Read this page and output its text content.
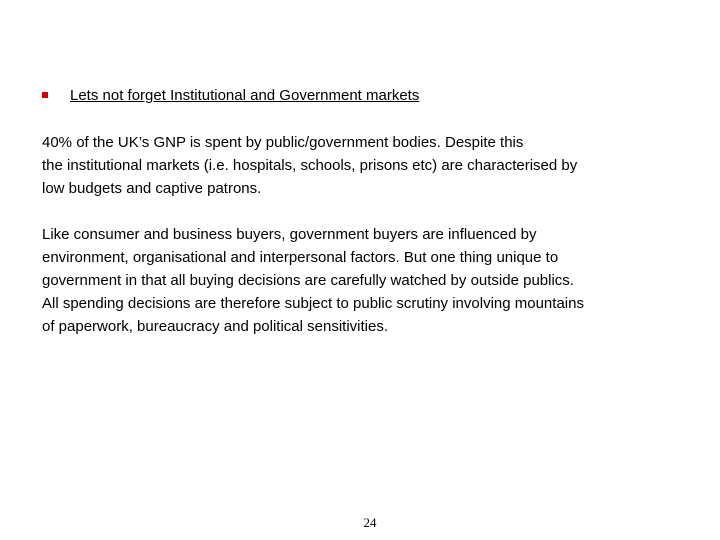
Lets not forget Institutional and Government markets

40% of the UK’s GNP is spent by public/government bodies. Despite this
the institutional markets (i.e. hospitals, schools, prisons etc) are characterised by
low budgets and captive patrons.

Like consumer and business buyers, government buyers are influenced by
environment, organisational and interpersonal factors. But one thing unique to
government in that all buying decisions are carefully watched by outside publics.
All spending decisions are therefore subject to public scrutiny involving mountains
of paperwork, bureaucracy and political sensitivities.

24
